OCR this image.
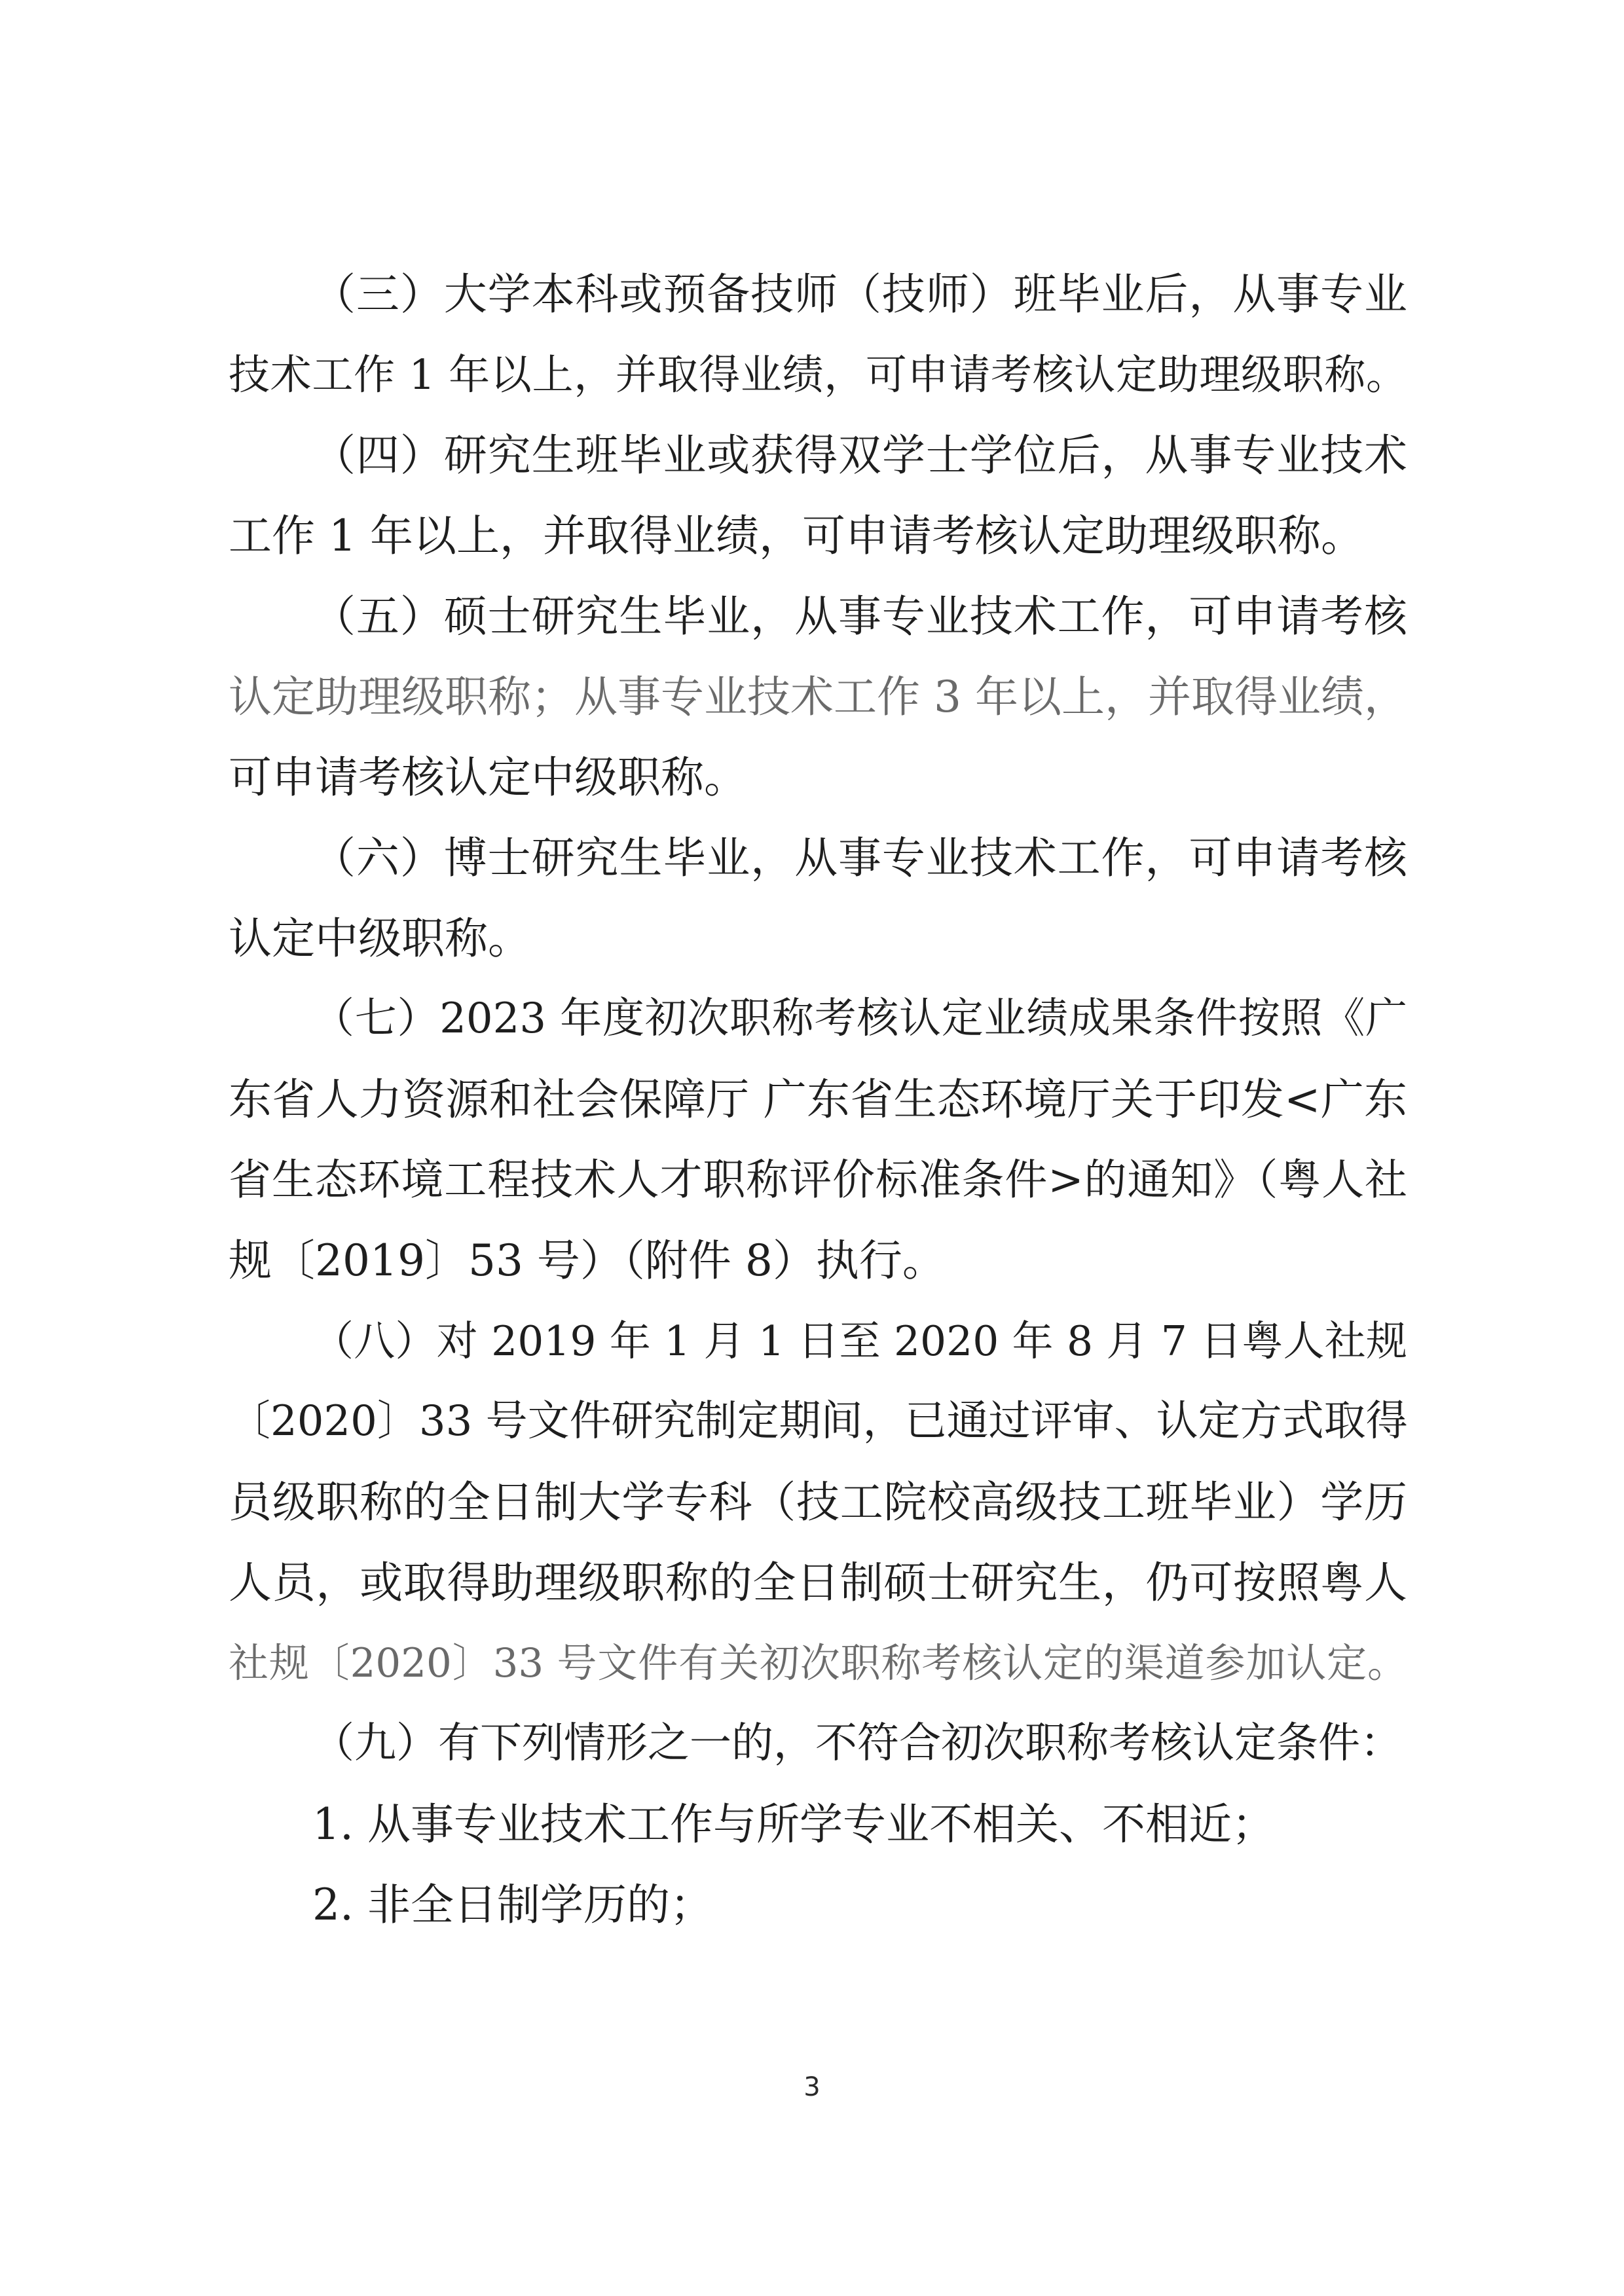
（三）大学本科或预备技师（技师）班毕业后，从事专业
技术工作 1 年以上，并取得业绩，可申请考核认定助理级职称。
（四）研究生班毕业或获得双学士学位后，从事专业技术
工作 1 年以上，并取得业绩，可申请考核认定助理级职称。
（五）硕士研究生毕业，从事专业技术工作，可申请考核
认定助理级职称；从事专业技术工作 3 年以上，并取得业绩，
可申请考核认定中级职称。
（六）博士研究生毕业，从事专业技术工作，可申请考核
认定中级职称。
（七）2023 年度初次职称考核认定业绩成果条件按照《广
东省人力资源和社会保障厅 广东省生态环境厅关于印发<广东
省生态环境工程技术人才职称评价标准条件>的通知》（粤人社
规〔2019〕53 号）（附件 8）执行。
（八）对 2019 年 1 月 1 日至 2020 年 8 月 7 日粤人社规
〔2020〕33 号文件研究制定期间，已通过评审、认定方式取得
员级职称的全日制大学专科（技工院校高级技工班毕业）学历
人员，或取得助理级职称的全日制硕士研究生，仍可按照粤人
社规〔2020〕33 号文件有关初次职称考核认定的渠道参加认定。
（九）有下列情形之一的，不符合初次职称考核认定条件：
1. 从事专业技术工作与所学专业不相关、不相近；
2. 非全日制学历的；
3
